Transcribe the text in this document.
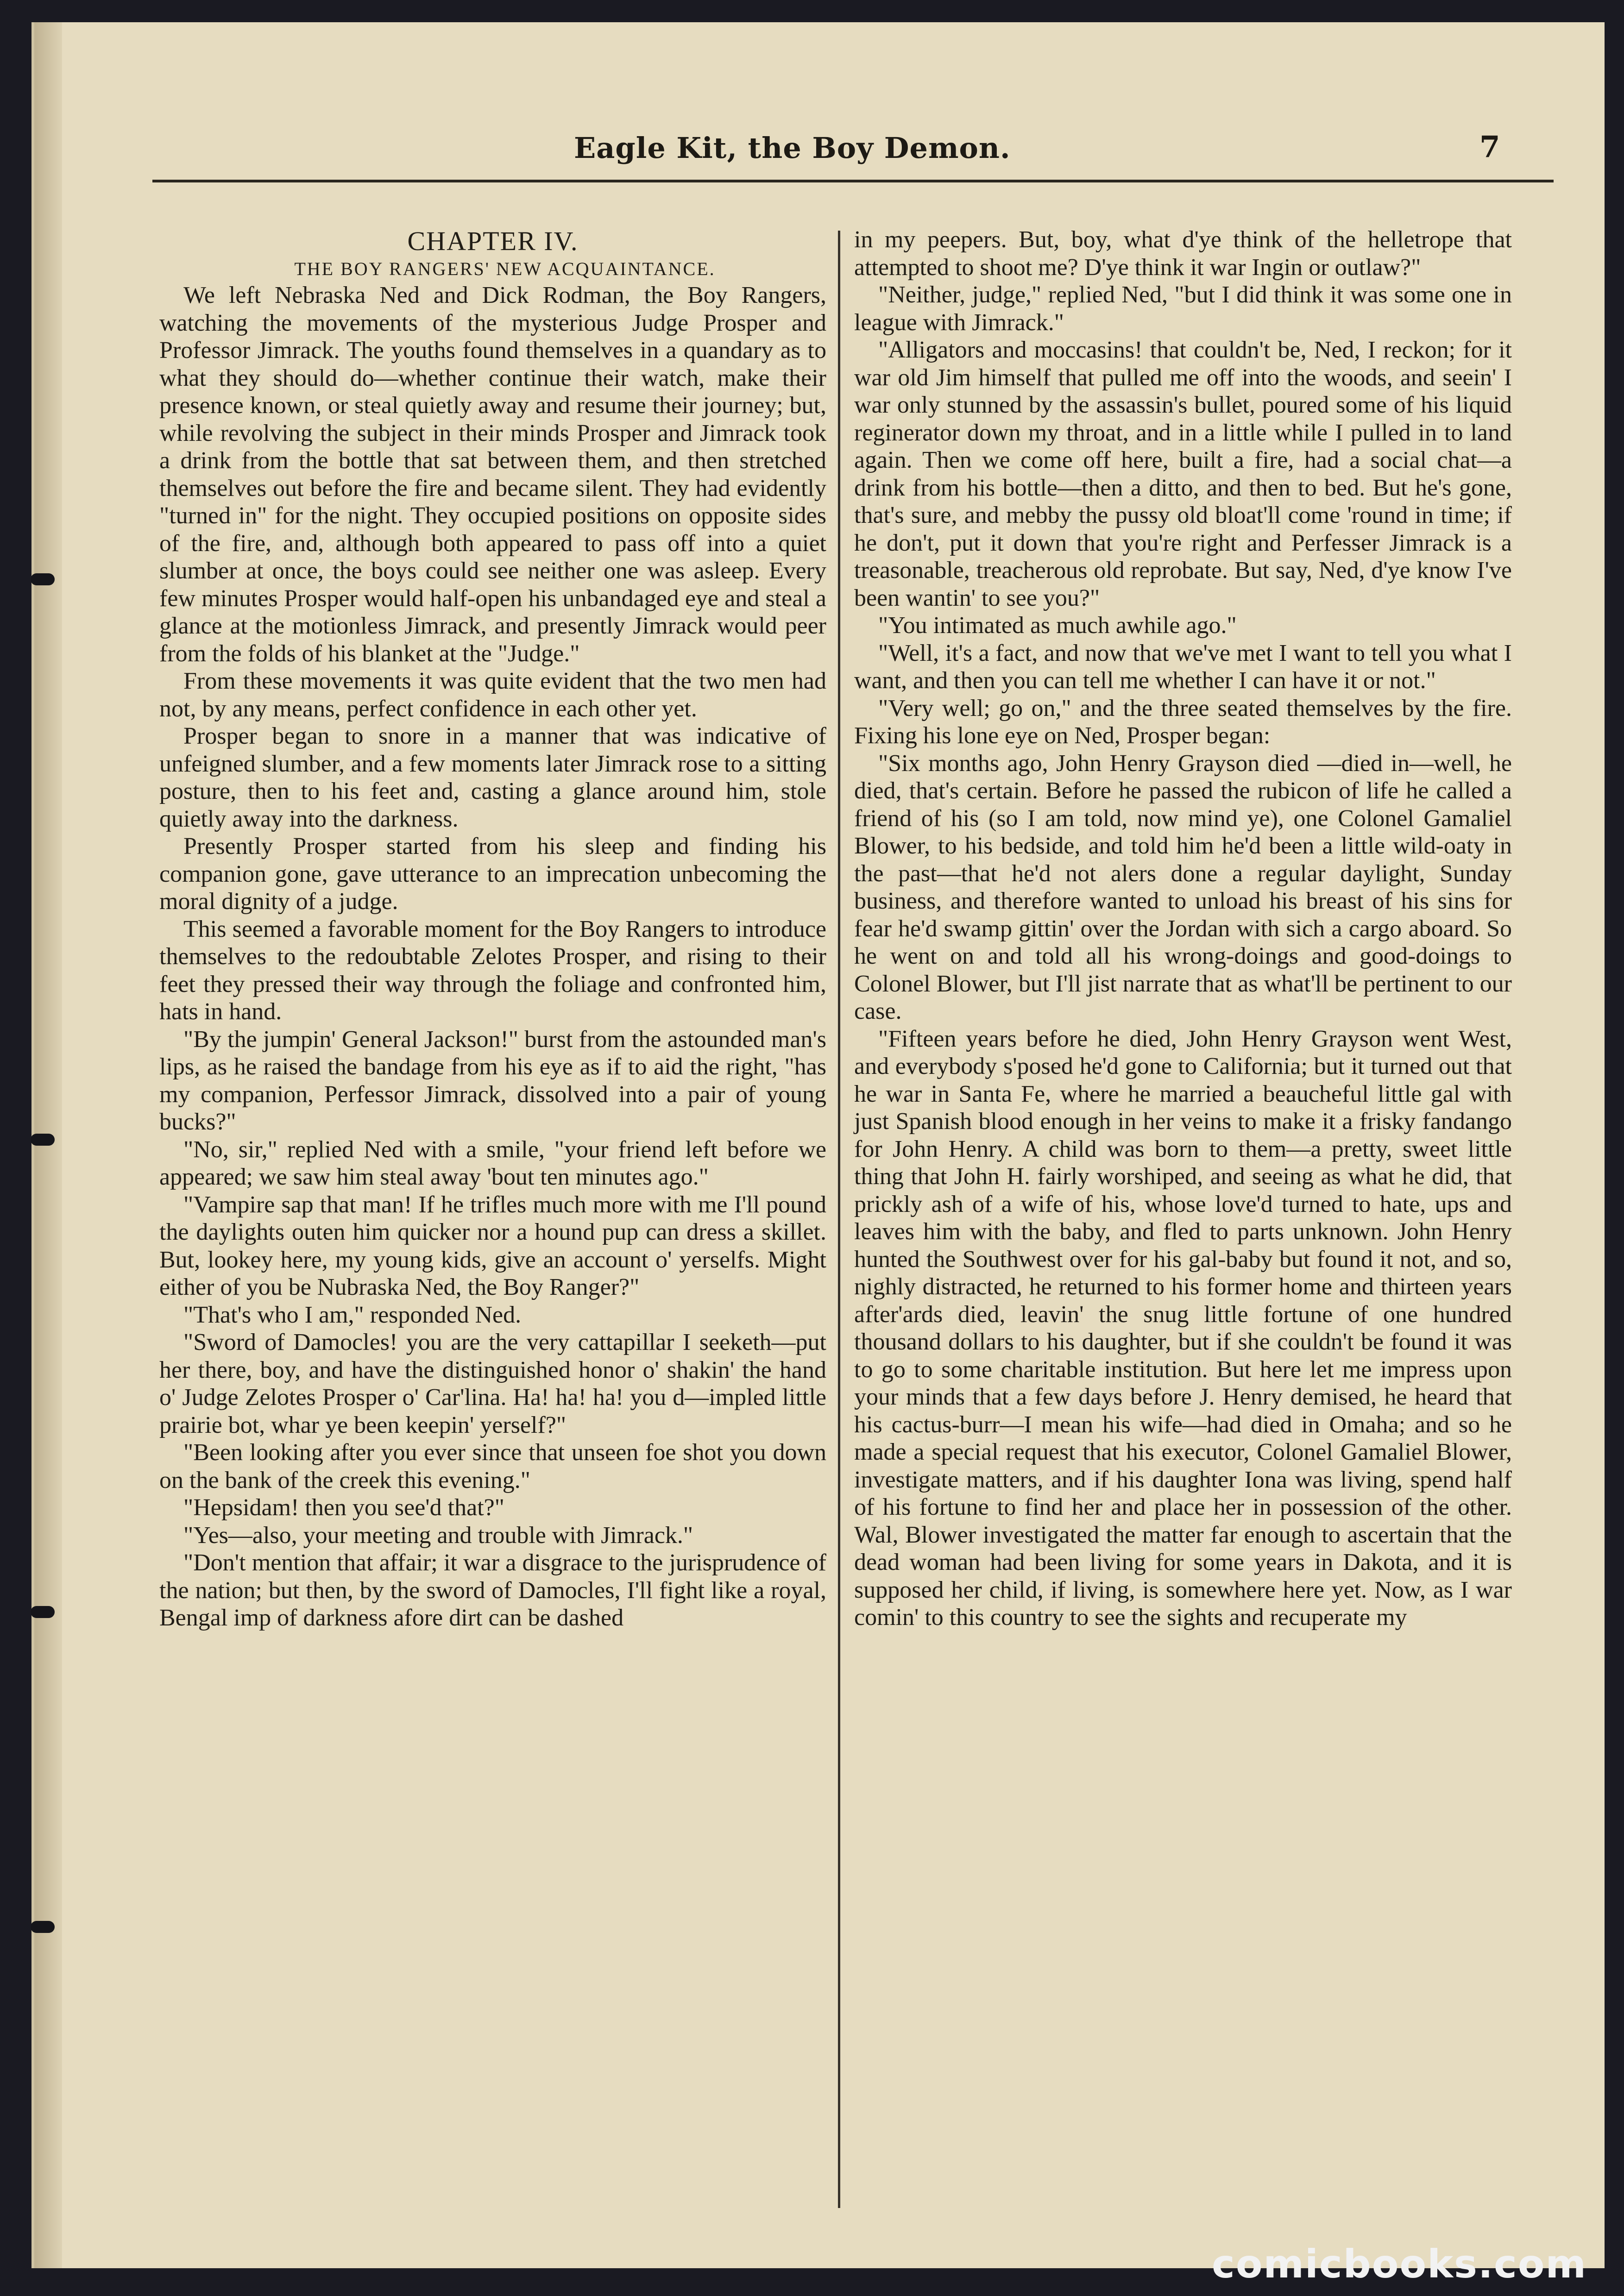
Eagle Kit, the Boy Demon.	7

CHAPTER IV.

THE BOY RANGERS' NEW ACQUAINTANCE.

We left Nebraska Ned and Dick Rodman, the Boy Rangers, watching the movements of the mysterious Judge Prosper and Professor Jimrack. The youths found themselves in a quandary as to what they should do—whether continue their watch, make their presence known, or steal quietly away and resume their journey; but, while revolving the subject in their minds Prosper and Jimrack took a drink from the bottle that sat between them, and then stretched themselves out before the fire and became silent. They had evidently "turned in" for the night. They occupied positions on opposite sides of the fire, and, although both appeared to pass off into a quiet slumber at once, the boys could see neither one was asleep. Every few minutes Prosper would half-open his unbandaged eye and steal a glance at the motionless Jimrack, and presently Jimrack would peer from the folds of his blanket at the "Judge."

From these movements it was quite evident that the two men had not, by any means, perfect confidence in each other yet.

Prosper began to snore in a manner that was indicative of unfeigned slumber, and a few moments later Jimrack rose to a sitting posture, then to his feet and, casting a glance around him, stole quietly away into the darkness.

Presently Prosper started from his sleep and finding his companion gone, gave utterance to an imprecation unbecoming the moral dignity of a judge.

This seemed a favorable moment for the Boy Rangers to introduce themselves to the redoubtable Zelotes Prosper, and rising to their feet they pressed their way through the foliage and confronted him, hats in hand.

"By the jumpin' General Jackson!" burst from the astounded man's lips, as he raised the bandage from his eye as if to aid the right, "has my companion, Perfessor Jimrack, dissolved into a pair of young bucks?"

"No, sir," replied Ned with a smile, "your friend left before we appeared; we saw him steal away 'bout ten minutes ago."

"Vampire sap that man! If he trifles much more with me I'll pound the daylights outen him quicker nor a hound pup can dress a skillet. But, lookey here, my young kids, give an account o' yerselfs. Might either of you be Nubraska Ned, the Boy Ranger?"

"That's who I am," responded Ned.

"Sword of Damocles! you are the very cattapillar I seeketh—put her there, boy, and have the distinguished honor o' shakin' the hand o' Judge Zelotes Prosper o' Car'lina. Ha! ha! ha! you d—impled little prairie bot, whar ye been keepin' yerself?"

"Been looking after you ever since that unseen foe shot you down on the bank of the creek this evening."

"Hepsidam! then you see'd that?"

"Yes—also, your meeting and trouble with Jimrack."

"Don't mention that affair; it war a disgrace to the jurisprudence of the nation; but then, by the sword of Damocles, I'll fight like a royal, Bengal imp of darkness afore dirt can be dashed

in my peepers. But, boy, what d'ye think of the helletrope that attempted to shoot me? D'ye think it war Ingin or outlaw?"

"Neither, judge," replied Ned, "but I did think it was some one in league with Jimrack."

"Alligators and moccasins! that couldn't be, Ned, I reckon; for it war old Jim himself that pulled me off into the woods, and seein' I war only stunned by the assassin's bullet, poured some of his liquid reginerator down my throat, and in a little while I pulled in to land again. Then we come off here, built a fire, had a social chat—a drink from his bottle—then a ditto, and then to bed. But he's gone, that's sure, and mebby the pussy old bloat'll come 'round in time; if he don't, put it down that you're right and Perfesser Jimrack is a treasonable, treacherous old reprobate. But say, Ned, d'ye know I've been wantin' to see you?"

"You intimated as much awhile ago."

"Well, it's a fact, and now that we've met I want to tell you what I want, and then you can tell me whether I can have it or not."

"Very well; go on," and the three seated themselves by the fire. Fixing his lone eye on Ned, Prosper began:

"Six months ago, John Henry Grayson died —died in—well, he died, that's certain. Before he passed the rubicon of life he called a friend of his (so I am told, now mind ye), one Colonel Gamaliel Blower, to his bedside, and told him he'd been a little wild-oaty in the past—that he'd not alers done a regular daylight, Sunday business, and therefore wanted to unload his breast of his sins for fear he'd swamp gittin' over the Jordan with sich a cargo aboard. So he went on and told all his wrong-doings and good-doings to Colonel Blower, but I'll jist narrate that as what'll be pertinent to our case.

"Fifteen years before he died, John Henry Grayson went West, and everybody s'posed he'd gone to California; but it turned out that he war in Santa Fe, where he married a beaucheful little gal with just Spanish blood enough in her veins to make it a frisky fandango for John Henry. A child was born to them—a pretty, sweet little thing that John H. fairly worshiped, and seeing as what he did, that prickly ash of a wife of his, whose love'd turned to hate, ups and leaves him with the baby, and fled to parts unknown. John Henry hunted the Southwest over for his gal-baby but found it not, and so, nighly distracted, he returned to his former home and thirteen years after'ards died, leavin' the snug little fortune of one hundred thousand dollars to his daughter, but if she couldn't be found it was to go to some charitable institution. But here let me impress upon your minds that a few days before J. Henry demised, he heard that his cactus-burr—I mean his wife—had died in Omaha; and so he made a special request that his executor, Colonel Gamaliel Blower, investigate matters, and if his daughter Iona was living, spend half of his fortune to find her and place her in possession of the other. Wal, Blower investigated the matter far enough to ascertain that the dead woman had been living for some years in Dakota, and it is supposed her child, if living, is somewhere here yet. Now, as I war comin' to this country to see the sights and recuperate my

comicbooks.com
